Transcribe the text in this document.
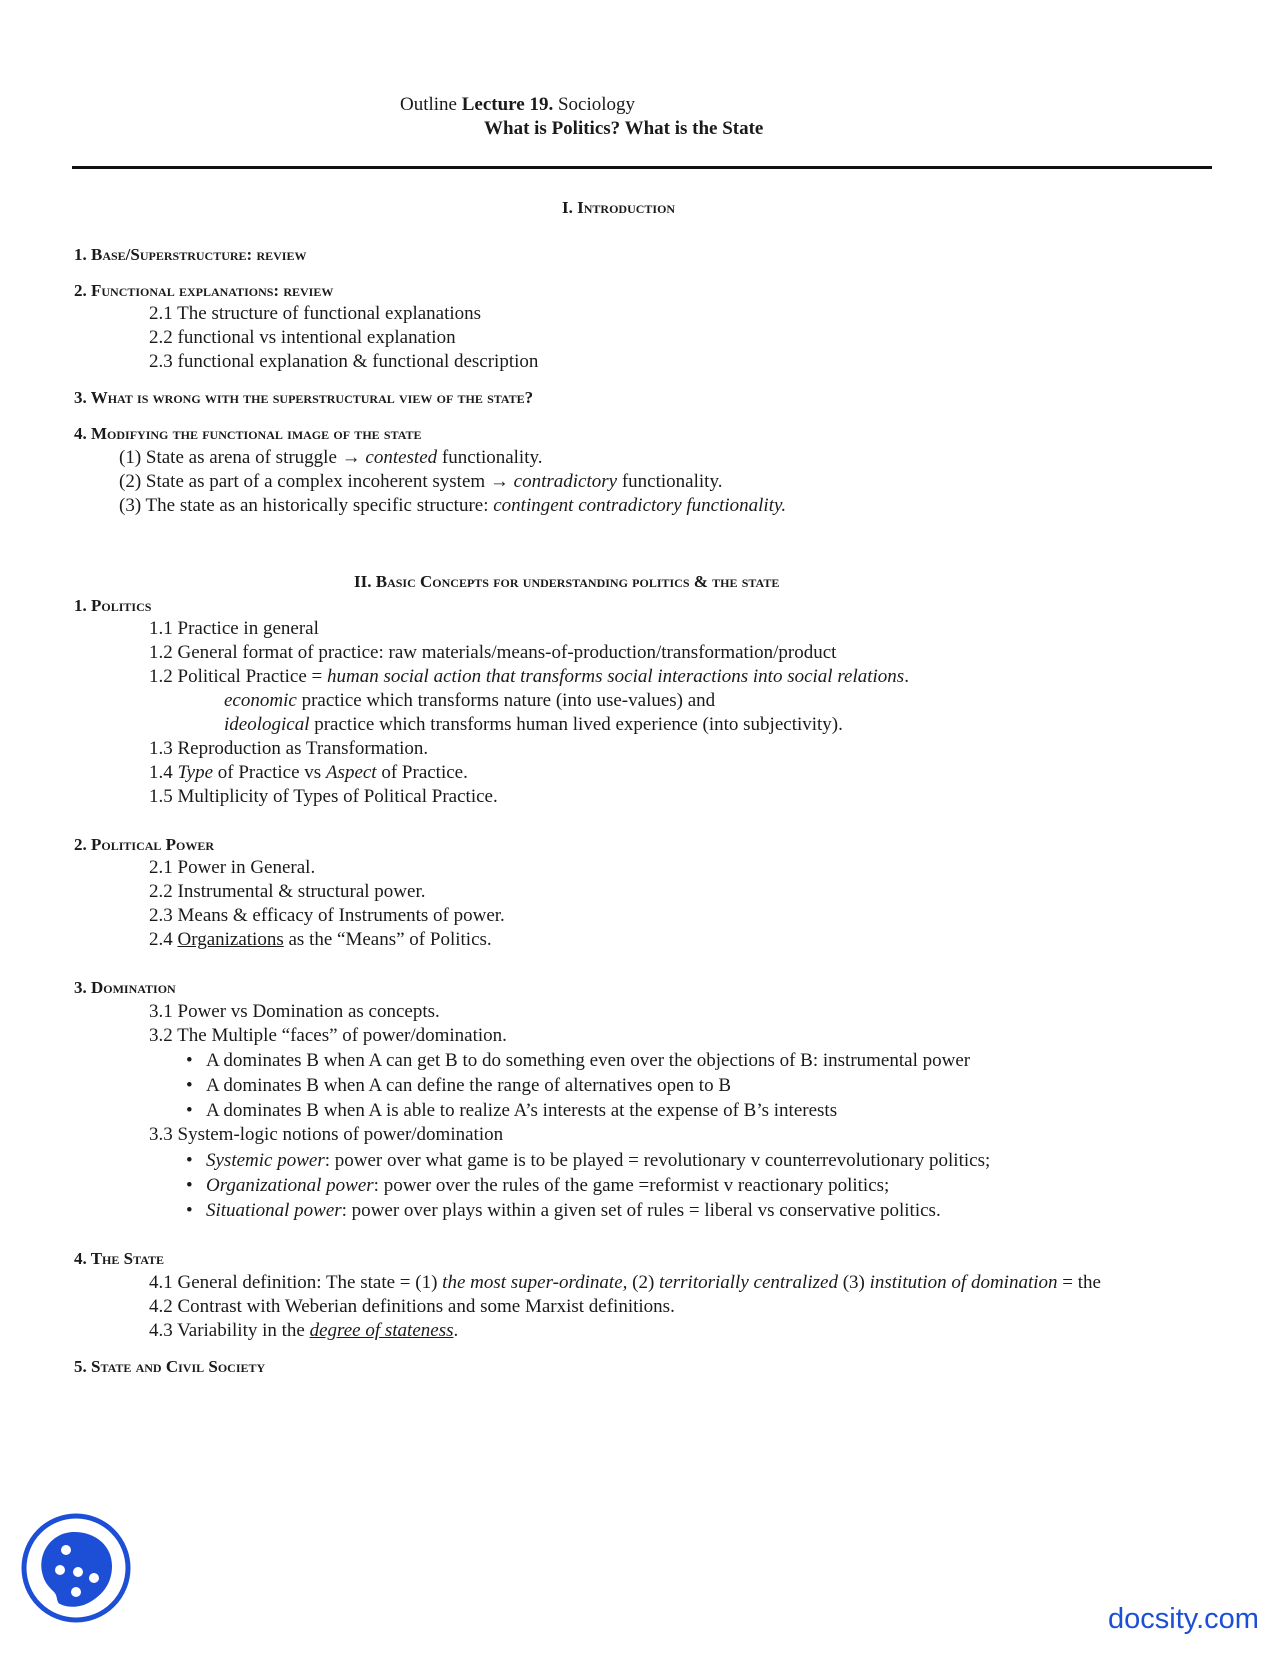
Outline Lecture 19. Sociology
What is Politics? What is the State
I. Introduction
1. Base/Superstructure: review
2. Functional explanations: review
2.1 The structure of functional explanations
2.2 functional vs intentional explanation
2.3 functional explanation & functional description
3. What is wrong with the superstructural view of the state?
4. Modifying the functional image of the state
(1) State as arena of struggle → contested functionality.
(2) State as part of a complex incoherent system → contradictory functionality.
(3) The state as an historically specific structure: contingent contradictory functionality.
II. Basic Concepts for understanding politics & the state
1. Politics
1.1 Practice in general
1.2 General format of practice: raw materials/means-of-production/transformation/product
1.2 Political Practice = human social action that transforms social interactions into social relations.
economic practice which transforms nature (into use-values) and
ideological practice which transforms human lived experience (into subjectivity).
1.3 Reproduction as Transformation.
1.4 Type of Practice vs Aspect of Practice.
1.5 Multiplicity of Types of Political Practice.
2. Political Power
2.1 Power in General.
2.2 Instrumental & structural power.
2.3 Means & efficacy of Instruments of power.
2.4 Organizations as the “Means” of Politics.
3. Domination
3.1 Power vs Domination as concepts.
3.2 The Multiple “faces” of power/domination.
• A dominates B when A can get B to do something even over the objections of B: instrumental power
• A dominates B when A can define the range of alternatives open to B
• A dominates B when A is able to realize A’s interests at the expense of B’s interests
3.3 System-logic notions of power/domination
• Systemic power: power over what game is to be played = revolutionary v counterrevolutionary politics;
• Organizational power: power over the rules of the game =reformist v reactionary politics;
• Situational power: power over plays within a given set of rules = liberal vs conservative politics.
4. The State
4.1 General definition: The state = (1) the most super-ordinate, (2) territorially centralized (3) institution of domination = the
4.2 Contrast with Weberian definitions and some Marxist definitions.
4.3 Variability in the degree of stateness.
5. State and Civil Society
docsity.com
